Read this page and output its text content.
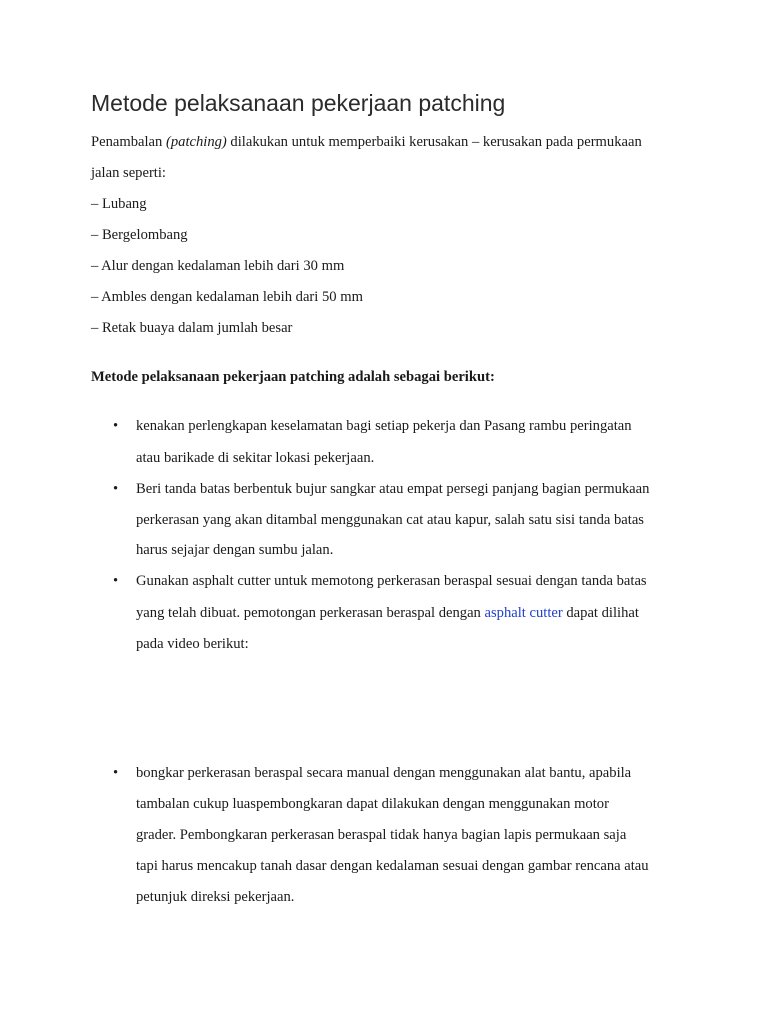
Metode pelaksanaan pekerjaan patching

Penambalan (patching) dilakukan untuk memperbaiki kerusakan – kerusakan pada permukaan

jalan seperti:

– Lubang

– Bergelombang

– Alur dengan kedalaman lebih dari 30 mm

– Ambles dengan kedalaman lebih dari 50 mm

– Retak buaya dalam jumlah besar

Metode pelaksanaan pekerjaan patching adalah sebagai berikut:

• kenakan perlengkapan keselamatan bagi setiap pekerja dan Pasang rambu peringatan

atau barikade di sekitar lokasi pekerjaan.

• Beri tanda batas berbentuk bujur sangkar atau empat persegi panjang bagian permukaan

perkerasan yang akan ditambal menggunakan cat atau kapur, salah satu sisi tanda batas

harus sejajar dengan sumbu jalan.

• Gunakan asphalt cutter untuk memotong perkerasan beraspal sesuai dengan tanda batas

yang telah dibuat. pemotongan perkerasan beraspal dengan asphalt cutter dapat dilihat

pada video berikut:

• bongkar perkerasan beraspal secara manual dengan menggunakan alat bantu, apabila

tambalan cukup luaspembongkaran dapat dilakukan dengan menggunakan motor

grader. Pembongkaran perkerasan beraspal tidak hanya bagian lapis permukaan saja

tapi harus mencakup tanah dasar dengan kedalaman sesuai dengan gambar rencana atau

petunjuk direksi pekerjaan.
